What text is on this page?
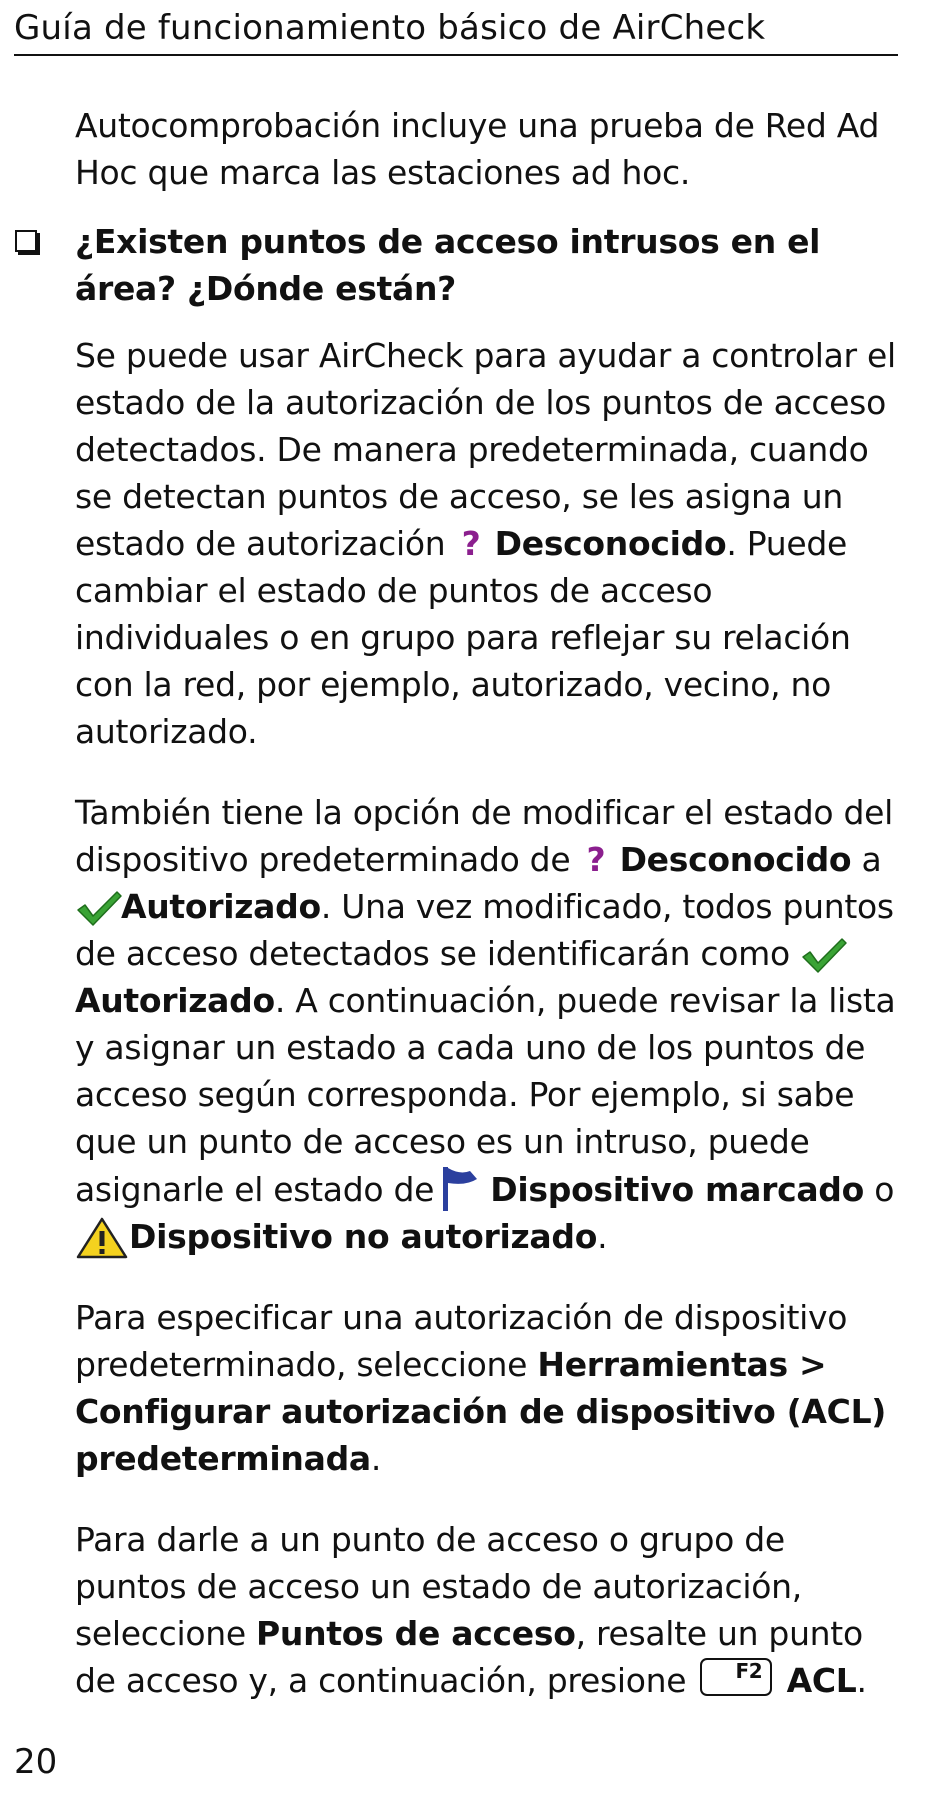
Guía de funcionamiento básico de AirCheck

Autocomprobación incluye una prueba de Red Ad Hoc que marca las estaciones ad hoc.

¿Existen puntos de acceso intrusos en el área? ¿Dónde están?

Se puede usar AirCheck para ayudar a controlar el estado de la autorización de los puntos de acceso detectados. De manera predeterminada, cuando se detectan puntos de acceso, se les asigna un estado de autorización ? Desconocido. Puede cambiar el estado de puntos de acceso individuales o en grupo para reflejar su relación con la red, por ejemplo, autorizado, vecino, no autorizado.

También tiene la opción de modificar el estado del dispositivo predeterminado de ? Desconocido a Autorizado. Una vez modificado, todos puntos de acceso detectados se identificarán como Autorizado. A continuación, puede revisar la lista y asignar un estado a cada uno de los puntos de acceso según corresponda. Por ejemplo, si sabe que un punto de acceso es un intruso, puede asignarle el estado de Dispositivo marcado o Dispositivo no autorizado.

Para especificar una autorización de dispositivo predeterminado, seleccione Herramientas > Configurar autorización de dispositivo (ACL) predeterminada.

Para darle a un punto de acceso o grupo de puntos de acceso un estado de autorización, seleccione Puntos de acceso, resalte un punto de acceso y, a continuación, presione F2 ACL.

20
